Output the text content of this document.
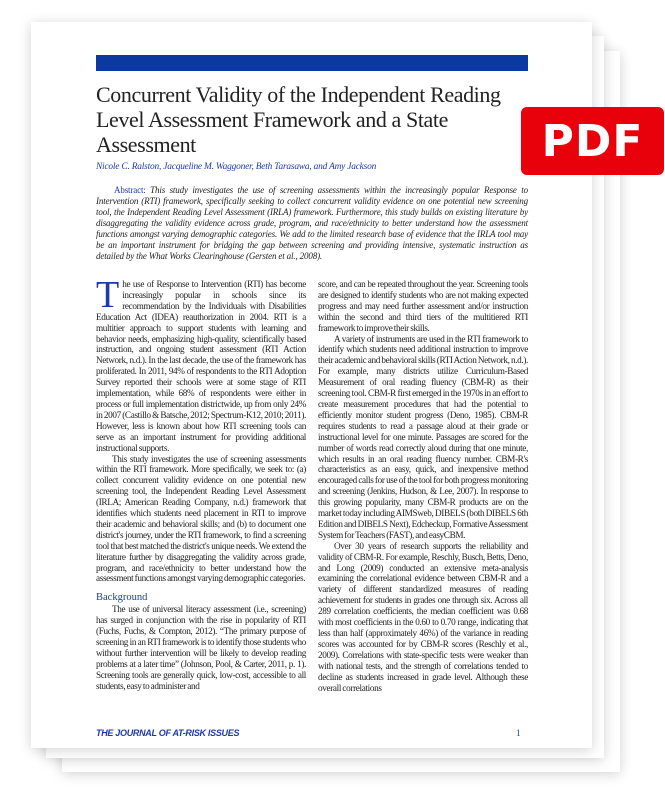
Concurrent Validity of the Independent Reading Level Assessment Framework and a State Assessment
Nicole C. Ralston, Jacqueline M. Waggoner, Beth Tarasawa, and Amy Jackson

Abstract: This study investigates the use of screening assessments within the increasingly popular Response to Intervention (RTI) framework, specifically seeking to collect concurrent validity evidence on one potential new screening tool, the Independent Reading Level Assessment (IRLA) framework. Furthermore, this study builds on existing literature by disaggregating the validity evidence across grade, program, and race/ethnicity to better understand how the assessment functions amongst varying demographic categories. We add to the limited research base of evidence that the IRLA tool may be an important instrument for bridging the gap between screening and providing intensive, systematic instruction as detailed by the What Works Clearinghouse (Gersten et al., 2008).

The use of Response to Intervention (RTI) has become increasingly popular in schools since its recommendation by the Individuals with Disabilities Education Act (IDEA) reauthorization in 2004. RTI is a multitier approach to support students with learning and behavior needs, emphasizing high-quality, scientifically based instruction, and ongoing student assessment (RTI Action Network, n.d.). In the last decade, the use of the framework has proliferated. In 2011, 94% of respondents to the RTI Adoption Survey reported their schools were at some stage of RTI implementation, while 68% of respondents were either in process or full implementation districtwide, up from only 24% in 2007 (Castillo & Batsche, 2012; Spectrum-K12, 2010; 2011). However, less is known about how RTI screening tools can serve as an important instrument for providing additional instructional supports.

This study investigates the use of screening assessments within the RTI framework. More specifically, we seek to: (a) collect concurrent validity evidence on one potential new screening tool, the Independent Reading Level Assessment (IRLA; American Reading Company, n.d.) framework that identifies which students need placement in RTI to improve their academic and behavioral skills; and (b) to document one district's journey, under the RTI framework, to find a screening tool that best matched the district's unique needs. We extend the literature further by disaggregating the validity across grade, program, and race/ethnicity to better understand how the assessment functions amongst varying demographic categories.

Background

The use of universal literacy assessment (i.e., screening) has surged in conjunction with the rise in popularity of RTI (Fuchs, Fuchs, & Compton, 2012). “The primary purpose of screening in an RTI framework is to identify those students who without further intervention will be likely to develop reading problems at a later time” (Johnson, Pool, & Carter, 2011, p. 1). Screening tools are generally quick, low-cost, accessible to all students, easy to administer and

score, and can be repeated throughout the year. Screening tools are designed to identify students who are not making expected progress and may need further assessment and/or instruction within the second and third tiers of the multitiered RTI framework to improve their skills.

A variety of instruments are used in the RTI framework to identify which students need additional instruction to improve their academic and behavioral skills (RTI Action Network, n.d.). For example, many districts utilize Curriculum-Based Measurement of oral reading fluency (CBM-R) as their screening tool. CBM-R first emerged in the 1970s in an effort to create measurement procedures that had the potential to efficiently monitor student progress (Deno, 1985). CBM-R requires students to read a passage aloud at their grade or instructional level for one minute. Passages are scored for the number of words read correctly aloud during that one minute, which results in an oral reading fluency number. CBM-R's characteristics as an easy, quick, and inexpensive method encouraged calls for use of the tool for both progress monitoring and screening (Jenkins, Hudson, & Lee, 2007). In response to this growing popularity, many CBM-R products are on the market today including AIMSweb, DIBELS (both DIBELS 6th Edition and DIBELS Next), Edcheckup, Formative Assessment System for Teachers (FAST), and easyCBM.

Over 30 years of research supports the reliability and validity of CBM-R. For example, Reschly, Busch, Betts, Deno, and Long (2009) conducted an extensive meta-analysis examining the correlational evidence between CBM-R and a variety of different standardized measures of reading achievement for students in grades one through six. Across all 289 correlation coefficients, the median coefficient was 0.68 with most coefficients in the 0.60 to 0.70 range, indicating that less than half (approximately 46%) of the variance in reading scores was accounted for by CBM-R scores (Reschly et al., 2009). Correlations with state-specific tests were weaker than with national tests, and the strength of correlations tended to decline as students increased in grade level. Although these overall correlations

THE JOURNAL OF AT-RISK ISSUES	1
PDF
